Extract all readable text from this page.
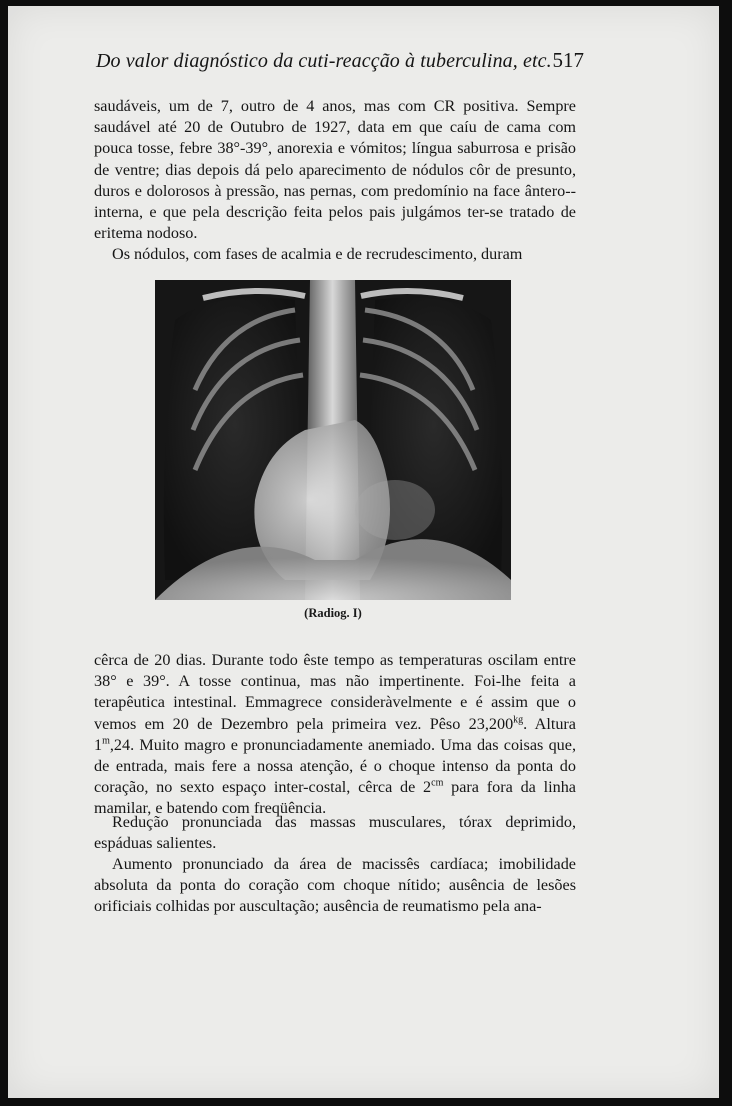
Do valor diagnóstico da cuti-reacção à tuberculina, etc. 517

saudáveis, um de 7, outro de 4 anos, mas com CR positiva. Sempre saudável até 20 de Outubro de 1927, data em que caíu de cama com pouca tosse, febre 38°-39°, anorexia e vómitos; língua saburrosa e prisão de ventre; dias depois dá pelo aparecimento de nódulos côr de presunto, duros e dolorosos à pressão, nas pernas, com predomínio na face ântero--interna, e que pela descrição feita pelos pais julgámos ter-se tratado de eritema nodoso.

Os nódulos, com fases de acalmia e de recrudescimento, duram

(Radiog. I)

cêrca de 20 dias. Durante todo êste tempo as temperaturas oscilam entre 38° e 39°. A tosse continua, mas não impertinente. Foi-lhe feita a terapêutica intestinal. Emmagrece consideràvelmente e é assim que o vemos em 20 de Dezembro pela primeira vez. Pêso $23,200^{kg}$. Altura 1$^m$,24. Muito magro e pronunciadamente anemiado. Uma das coisas que, de entrada, mais fere a nossa atenção, é o choque intenso da ponta do coração, no sexto espaço inter-costal, cêrca de $2^{cm}$ para fora da linha mamilar, e batendo com freqüência.

Redução pronunciada das massas musculares, tórax deprimido, espáduas salientes.

Aumento pronunciado da área de macissês cardíaca; imobilidade absoluta da ponta do coração com choque nítido; ausência de lesões orificiais colhidas por auscultação; ausência de reumatismo pela ana-
